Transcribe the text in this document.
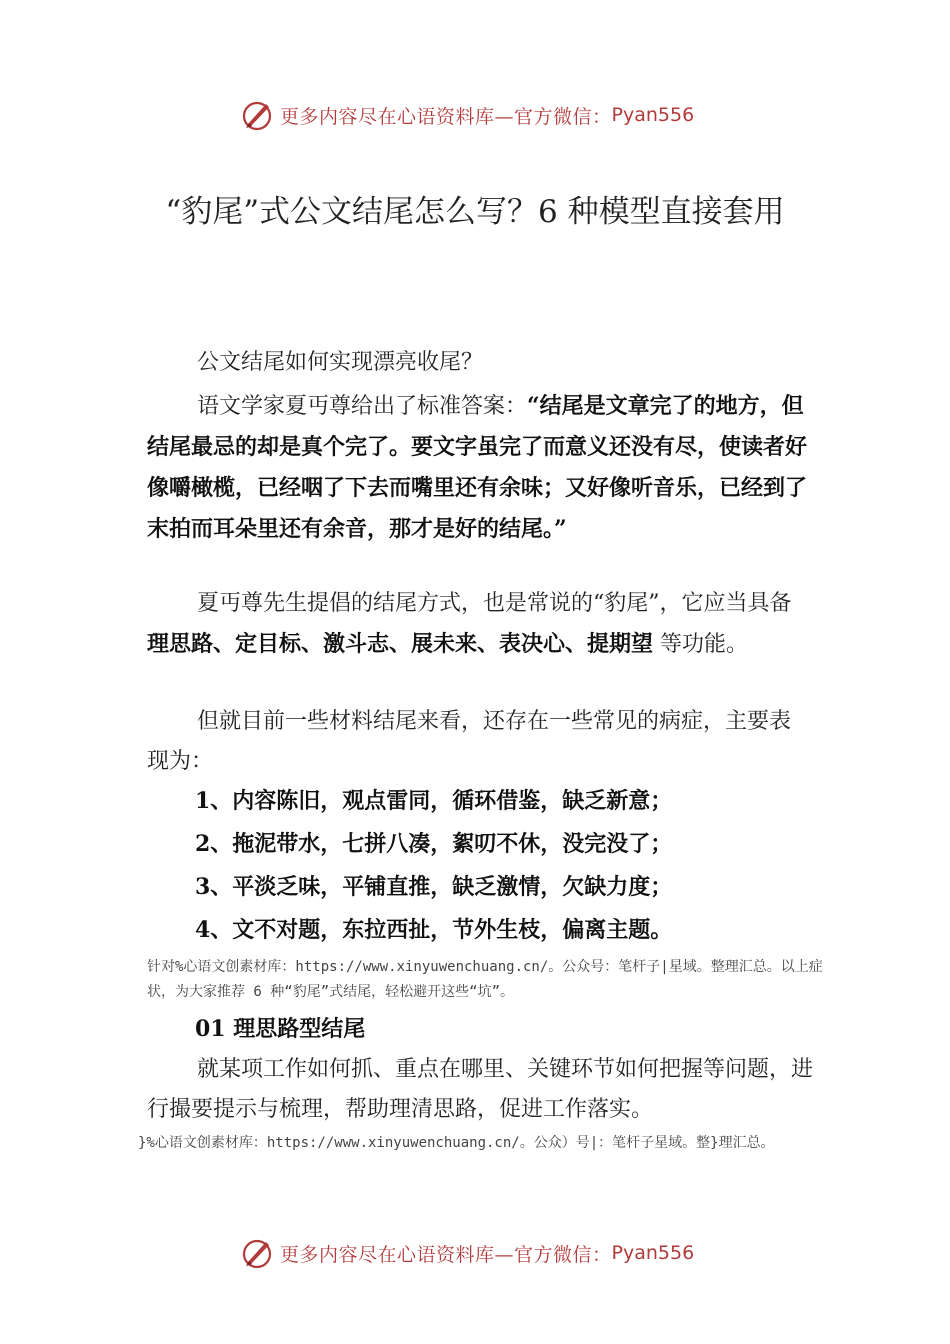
更多内容尽在心语资料库—官方微信： Pyan556
“豹尾”式公文结尾怎么写？6 种模型直接套用
公文结尾如何实现漂亮收尾？
语文学家夏丏尊给出了标准答案：“结尾是文章完了的地方，但结尾最忌的却是真个完了。要文字虽完了而意义还没有尽，使读者好像嚼橄榄，已经咽了下去而嘴里还有余味；又好像听音乐，已经到了末拍而耳朵里还有余音，那才是好的结尾。”
夏丏尊先生提倡的结尾方式，也是常说的“豹尾”，它应当具备理思路、定目标、激斗志、展未来、表决心、提期望 等功能。
但就目前一些材料结尾来看，还存在一些常见的病症，主要表现为：
1、内容陈旧，观点雷同，循环借鉴，缺乏新意；
2、拖泥带水，七拼八凑，絮叨不休，没完没了；
3、平淡乏味，平铺直推，缺乏激情，欠缺力度；
4、文不对题，东拉西扯，节外生枝，偏离主题。
针对%心语文创素材库：https://www.xinyuwenchuang.cn/。公众号：笔杆子|星域。整理汇总。以上症状，为大家推荐 6 种“豹尾”式结尾，轻松避开这些“坑”。
01 理思路型结尾
就某项工作如何抓、重点在哪里、关键环节如何把握等问题，进行撮要提示与梳理，帮助理清思路，促进工作落实。
}%心语文创素材库：https://www.xinyuwenchuang.cn/。公众）号|：笔杆子星域。整}理汇总。
更多内容尽在心语资料库—官方微信： Pyan556
